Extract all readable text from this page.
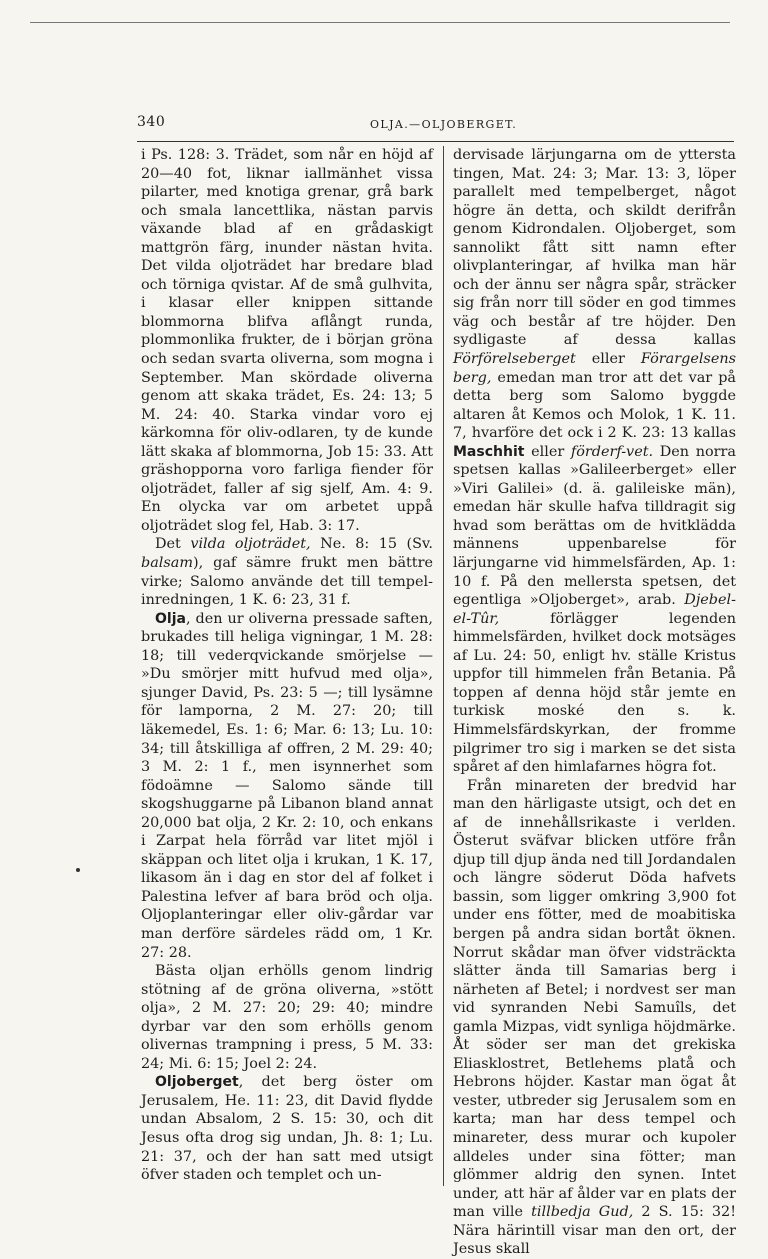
340	OLJA.—OLJOBERGET.

i Ps. 128: 3. Trädet, som når en höjd af 20—40 fot, liknar iallmänhet vissa pilarter, med knotiga grenar, grå bark och smala lancettlika, nästan parvis växande blad af en grådaskigt mattgrön färg, inunder nästan hvita. Det vilda oljoträdet har bredare blad och törniga qvistar. Af de små gulhvita, i klasar eller knippen sittande blommorna blifva aflångt runda, plommonlika frukter, de i början gröna och sedan svarta oliverna, som mogna i September. Man skördade oliverna genom att skaka trädet, Es. 24: 13; 5 M. 24: 40. Starka vindar voro ej kärkomna för oliv-odlaren, ty de kunde lätt skaka af blommorna, Job 15: 33. Att gräshopporna voro farliga fiender för oljoträdet, faller af sig sjelf, Am. 4: 9. En olycka var om arbetet uppå oljoträdet slog fel, Hab. 3: 17.

Det vilda oljoträdet, Ne. 8: 15 (Sv. balsam), gaf sämre frukt men bättre virke; Salomo använde det till tempel-inredningen, 1 K. 6: 23, 31 f.

Olja, den ur oliverna pressade saften, brukades till heliga vigningar, 1 M. 28: 18; till vederqvickande smörjelse — »Du smörjer mitt hufvud med olja», sjunger David, Ps. 23: 5 —; till lysämne för lamporna, 2 M. 27: 20; till läkemedel, Es. 1: 6; Mar. 6: 13; Lu. 10: 34; till åtskilliga af offren, 2 M. 29: 40; 3 M. 2: 1 f., men isynnerhet som födoämne — Salomo sände till skogshuggarne på Libanon bland annat 20,000 bat olja, 2 Kr. 2: 10, och enkans i Zarpat hela förråd var litet mjöl i skäppan och litet olja i krukan, 1 K. 17, likasom än i dag en stor del af folket i Palestina lefver af bara bröd och olja. Oljoplanteringar eller oliv-gårdar var man derföre särdeles rädd om, 1 Kr. 27: 28.

Bästa oljan erhölls genom lindrig stötning af de gröna oliverna, »stött olja», 2 M. 27: 20; 29: 40; mindre dyrbar var den som erhölls genom olivernas trampning i press, 5 M. 33: 24; Mi. 6: 15; Joel 2: 24.

Oljoberget, det berg öster om Jerusalem, He. 11: 23, dit David flydde undan Absalom, 2 S. 15: 30, och dit Jesus ofta drog sig undan, Jh. 8: 1; Lu. 21: 37, och der han satt med utsigt öfver staden och templet och un-

dervisade lärjungarna om de yttersta tingen, Mat. 24: 3; Mar. 13: 3, löper parallelt med tempelberget, något högre än detta, och skildt derifrån genom Kidrondalen. Oljoberget, som sannolikt fått sitt namn efter olivplanteringar, af hvilka man här och der ännu ser några spår, sträcker sig från norr till söder en god timmes väg och består af tre höjder. Den sydligaste af dessa kallas Förförelseberget eller Förargelsens berg, emedan man tror att det var på detta berg som Salomo byggde altaren åt Kemos och Molok, 1 K. 11. 7, hvarföre det ock i 2 K. 23: 13 kallas Maschhit eller förderf-vet. Den norra spetsen kallas »Galileerberget» eller »Viri Galilei» (d. ä. galileiske män), emedan här skulle hafva tilldragit sig hvad som berättas om de hvitklädda männens uppenbarelse för lärjungarne vid himmelsfärden, Ap. 1: 10 f. På den mellersta spetsen, det egentliga »Oljoberget», arab. Djebel-el-Tûr, förlägger legenden himmelsfärden, hvilket dock motsäges af Lu. 24: 50, enligt hv. ställe Kristus uppfor till himmelen från Betania. På toppen af denna höjd står jemte en turkisk moské den s. k. Himmelsfärdskyrkan, der fromme pilgrimer tro sig i marken se det sista spåret af den himlafarnes högra fot.

Från minareten der bredvid har man den härligaste utsigt, och det en af de innehållsrikaste i verlden. Österut sväfvar blicken utföre från djup till djup ända ned till Jordandalen och längre söderut Döda hafvets bassin, som ligger omkring 3,900 fot under ens fötter, med de moabitiska bergen på andra sidan bortåt öknen. Norrut skådar man öfver vidsträckta slätter ända till Samarias berg i närheten af Betel; i nordvest ser man vid synranden Nebi Samuîls, det gamla Mizpas, vidt synliga höjdmärke. Åt söder ser man det grekiska Eliasklostret, Betlehems platå och Hebrons höjder. Kastar man ögat åt vester, utbreder sig Jerusalem som en karta; man har dess tempel och minareter, dess murar och kupoler alldeles under sina fötter; man glömmer aldrig den synen. Intet under, att här af ålder var en plats der man ville tillbedja Gud, 2 S. 15: 32! Nära härintill visar man den ort, der Jesus skall
